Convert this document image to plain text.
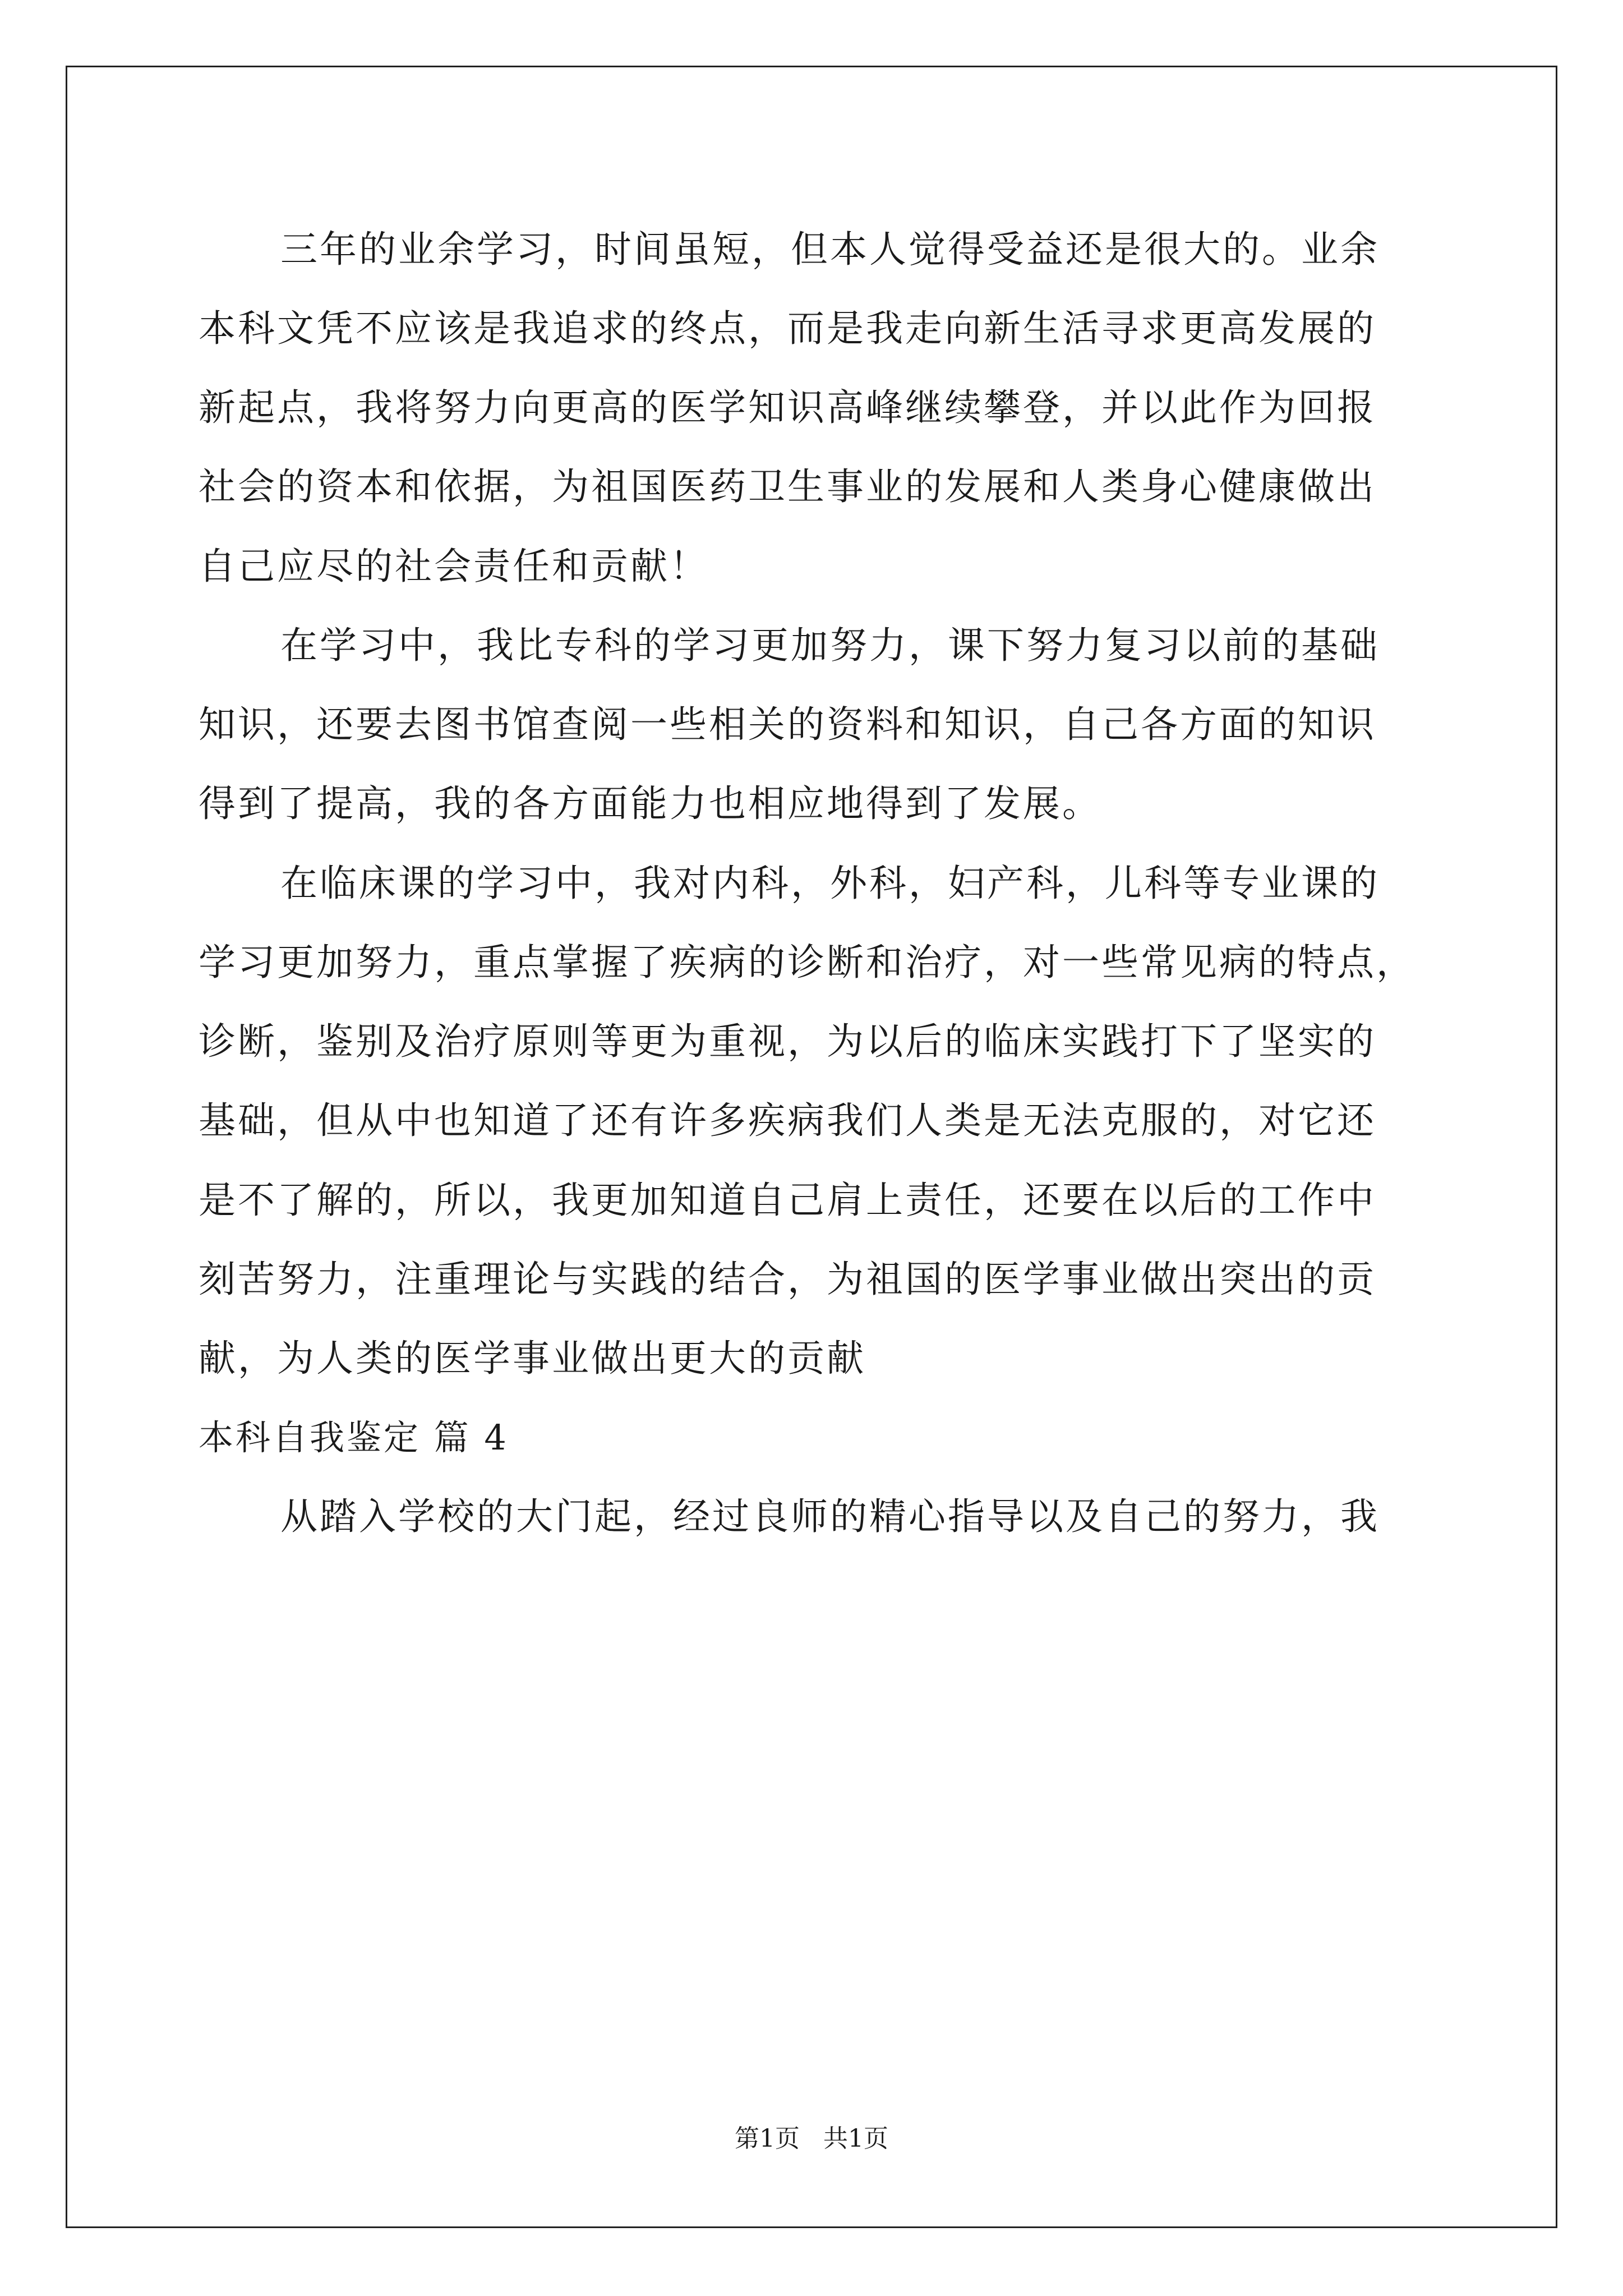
三年的业余学习，时间虽短，但本人觉得受益还是很大的。业余
本科文凭不应该是我追求的终点，而是我走向新生活寻求更高发展的
新起点，我将努力向更高的医学知识高峰继续攀登，并以此作为回报
社会的资本和依据，为祖国医药卫生事业的发展和人类身心健康做出
自己应尽的社会责任和贡献！
在学习中，我比专科的学习更加努力，课下努力复习以前的基础
知识，还要去图书馆查阅一些相关的资料和知识，自己各方面的知识
得到了提高，我的各方面能力也相应地得到了发展。
在临床课的学习中，我对内科，外科，妇产科，儿科等专业课的
学习更加努力，重点掌握了疾病的诊断和治疗，对一些常见病的特点，
诊断，鉴别及治疗原则等更为重视，为以后的临床实践打下了坚实的
基础，但从中也知道了还有许多疾病我们人类是无法克服的，对它还
是不了解的，所以，我更加知道自己肩上责任，还要在以后的工作中
刻苦努力，注重理论与实践的结合，为祖国的医学事业做出突出的贡
献，为人类的医学事业做出更大的贡献
本科自我鉴定 篇 4
从踏入学校的大门起，经过良师的精心指导以及自己的努力，我
第1页   共1页
